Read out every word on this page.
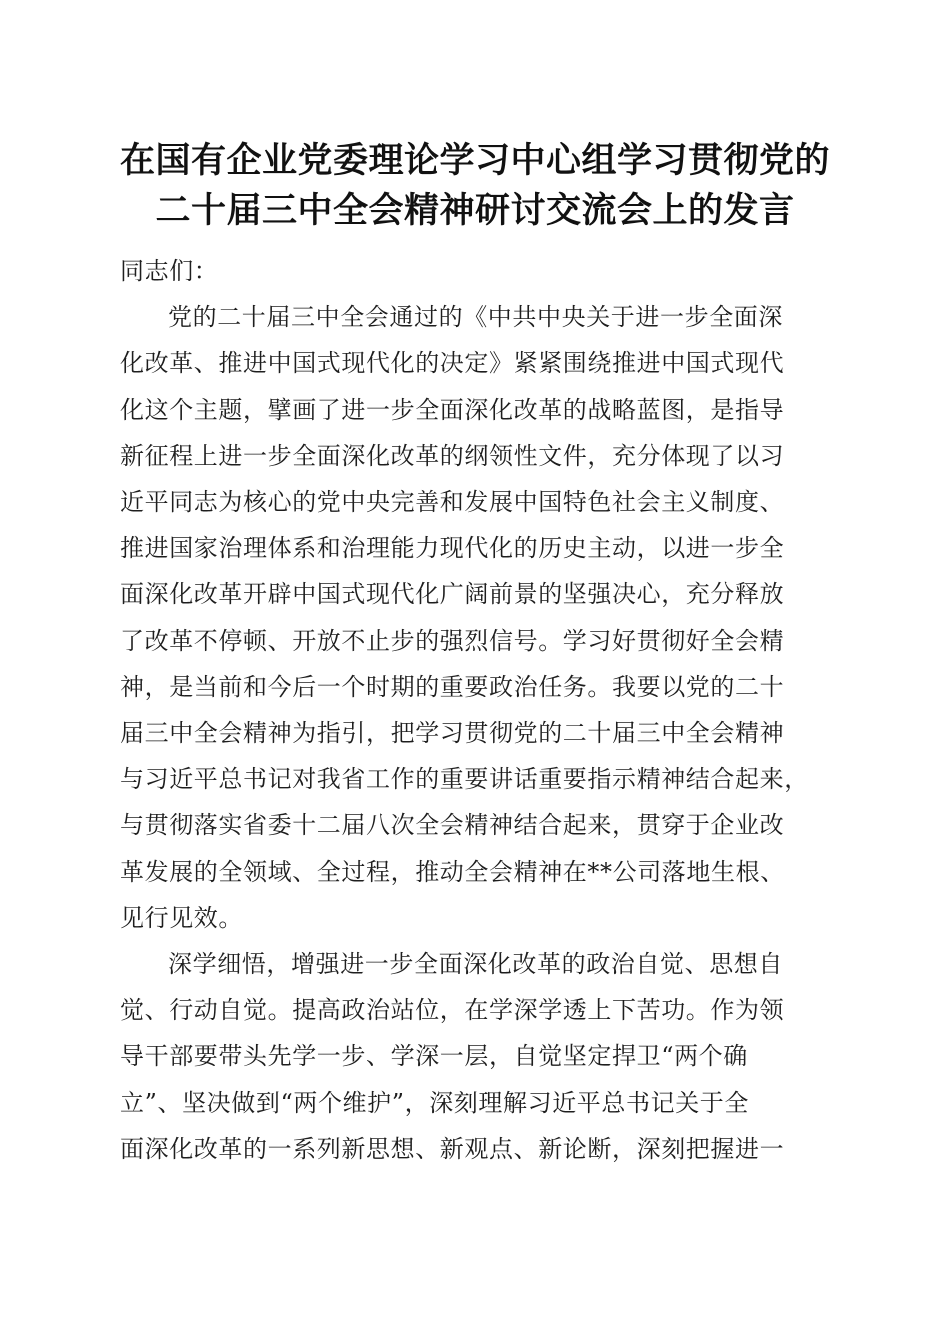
在国有企业党委理论学习中心组学习贯彻党的
二十届三中全会精神研讨交流会上的发言
同志们：
党的二十届三中全会通过的《中共中央关于进一步全面深
化改革、推进中国式现代化的决定》紧紧围绕推进中国式现代
化这个主题，擘画了进一步全面深化改革的战略蓝图，是指导
新征程上进一步全面深化改革的纲领性文件，充分体现了以习
近平同志为核心的党中央完善和发展中国特色社会主义制度、
推进国家治理体系和治理能力现代化的历史主动，以进一步全
面深化改革开辟中国式现代化广阔前景的坚强决心，充分释放
了改革不停顿、开放不止步的强烈信号。学习好贯彻好全会精
神，是当前和今后一个时期的重要政治任务。我要以党的二十
届三中全会精神为指引，把学习贯彻党的二十届三中全会精神
与习近平总书记对我省工作的重要讲话重要指示精神结合起来，
与贯彻落实省委十二届八次全会精神结合起来，贯穿于企业改
革发展的全领域、全过程，推动全会精神在**公司落地生根、
见行见效。
深学细悟，增强进一步全面深化改革的政治自觉、思想自
觉、行动自觉。提高政治站位，在学深学透上下苦功。作为领
导干部要带头先学一步、学深一层，自觉坚定捍卫“两个确
立”、坚决做到“两个维护”，深刻理解习近平总书记关于全
面深化改革的一系列新思想、新观点、新论断，深刻把握进一
